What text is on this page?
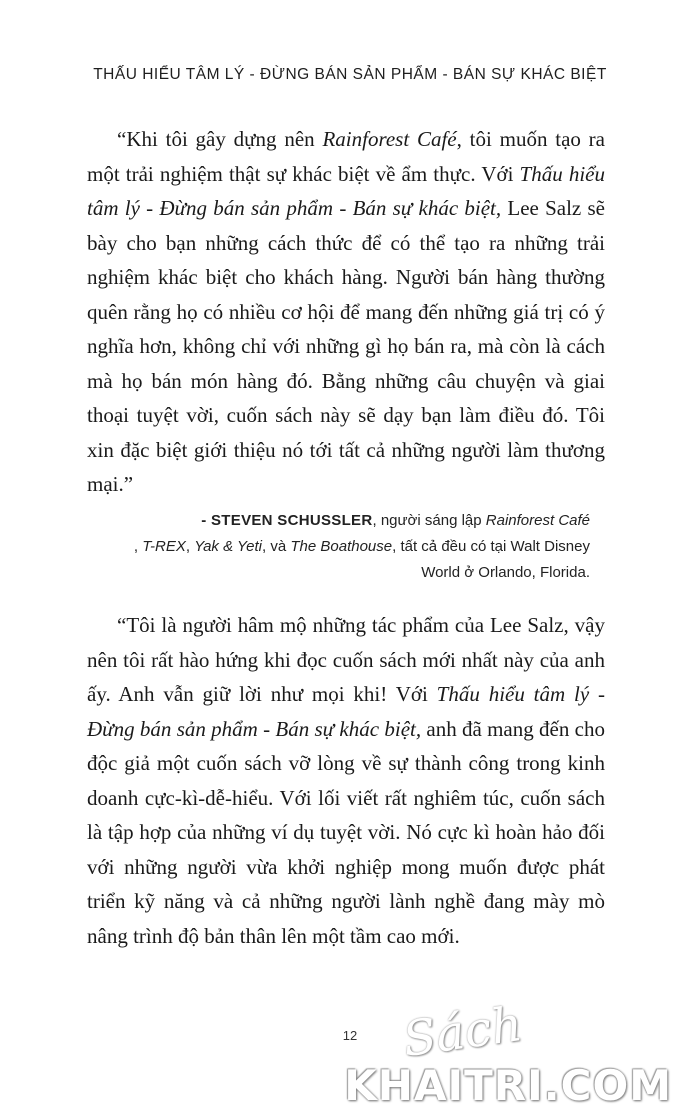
THẤU HIỂU TÂM LÝ - ĐỪNG BÁN SẢN PHẨM - BÁN SỰ KHÁC BIỆT

“Khi tôi gây dựng nên Rainforest Café, tôi muốn tạo ra một trải nghiệm thật sự khác biệt về ẩm thực. Với Thấu hiểu tâm lý - Đừng bán sản phẩm - Bán sự khác biệt, Lee Salz sẽ bày cho bạn những cách thức để có thể tạo ra những trải nghiệm khác biệt cho khách hàng. Người bán hàng thường quên rằng họ có nhiều cơ hội để mang đến những giá trị có ý nghĩa hơn, không chỉ với những gì họ bán ra, mà còn là cách mà họ bán món hàng đó. Bằng những câu chuyện và giai thoại tuyệt vời, cuốn sách này sẽ dạy bạn làm điều đó. Tôi xin đặc biệt giới thiệu nó tới tất cả những người làm thương mại.”

- STEVEN SCHUSSLER, người sáng lập Rainforest Café
, T-REX, Yak & Yeti, và The Boathouse, tất cả đều có tại Walt Disney World ở Orlando, Florida.

“Tôi là người hâm mộ những tác phẩm của Lee Salz, vậy nên tôi rất hào hứng khi đọc cuốn sách mới nhất này của anh ấy. Anh vẫn giữ lời như mọi khi! Với Thấu hiểu tâm lý - Đừng bán sản phẩm - Bán sự khác biệt, anh đã mang đến cho độc giả một cuốn sách vỡ lòng về sự thành công trong kinh doanh cực-kì-dễ-hiểu. Với lối viết rất nghiêm túc, cuốn sách là tập hợp của những ví dụ tuyệt vời. Nó cực kì hoàn hảo đối với những người vừa khởi nghiệp mong muốn được phát triển kỹ năng và cả những người lành nghề đang mày mò nâng trình độ bản thân lên một tầm cao mới.

12 Sách
KHAITRI.COM
